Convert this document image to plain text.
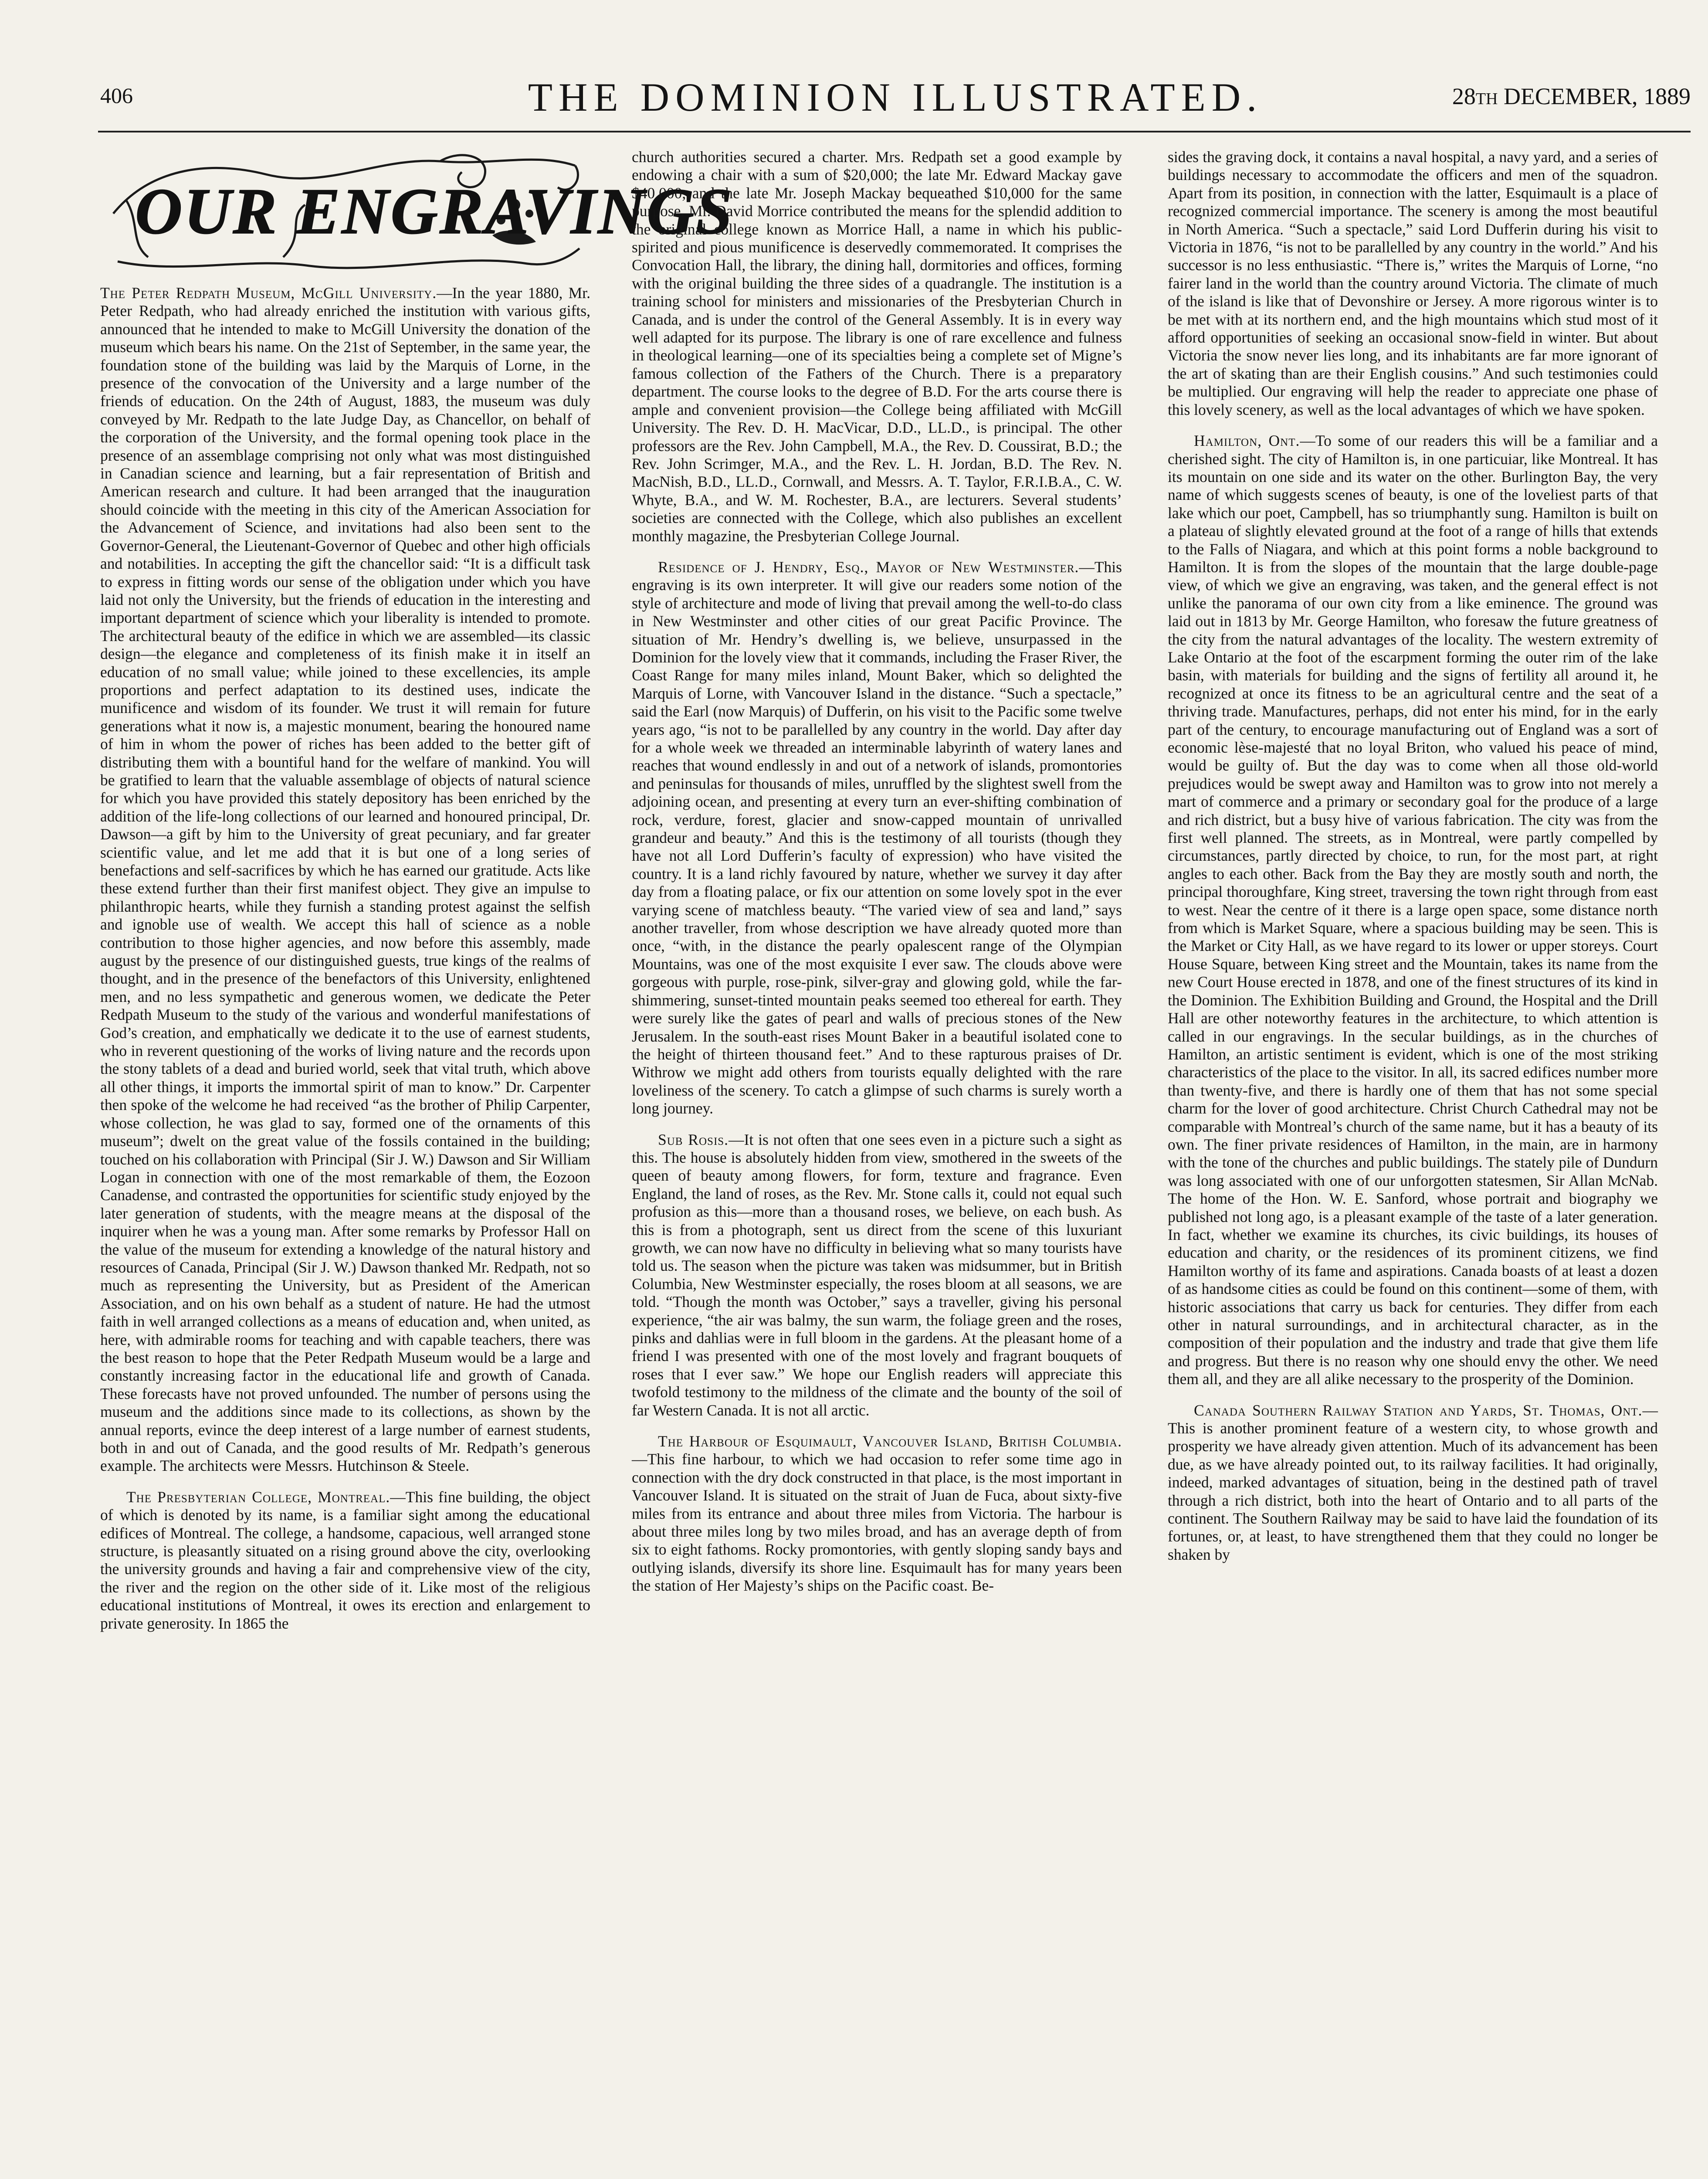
406	THE DOMINION ILLUSTRATED.	28th DECEMBER, 1889
OUR ENGRAVINGS

The Peter Redpath Museum, McGill University.—In the year 1880, Mr. Peter Redpath, who had already enriched the institution with various gifts, announced that he intended to make to McGill University the donation of the museum which bears his name. On the 21st of September, in the same year, the foundation stone of the building was laid by the Marquis of Lorne, in the presence of the convocation of the University and a large number of the friends of education. On the 24th of August, 1883, the museum was duly conveyed by Mr. Redpath to the late Judge Day, as Chancellor, on behalf of the corporation of the University, and the formal opening took place in the presence of an assemblage comprising not only what was most distinguished in Canadian science and learning, but a fair representation of British and American research and culture. It had been arranged that the inauguration should coincide with the meeting in this city of the American Association for the Advancement of Science, and invitations had also been sent to the Governor-General, the Lieutenant-Governor of Quebec and other high officials and notabilities. In accepting the gift the chancellor said: “It is a difficult task to express in fitting words our sense of the obligation under which you have laid not only the University, but the friends of education in the interesting and important department of science which your liberality is intended to promote. The architectural beauty of the edifice in which we are assembled—its classic design—the elegance and completeness of its finish make it in itself an education of no small value; while joined to these excellencies, its ample proportions and perfect adaptation to its destined uses, indicate the munificence and wisdom of its founder. We trust it will remain for future generations what it now is, a majestic monument, bearing the honoured name of him in whom the power of riches has been added to the better gift of distributing them with a bountiful hand for the welfare of mankind. You will be gratified to learn that the valuable assemblage of objects of natural science for which you have provided this stately depository has been enriched by the addition of the life-long collections of our learned and honoured principal, Dr. Dawson—a gift by him to the University of great pecuniary, and far greater scientific value, and let me add that it is but one of a long series of benefactions and self-sacrifices by which he has earned our gratitude. Acts like these extend further than their first manifest object. They give an impulse to philanthropic hearts, while they furnish a standing protest against the selfish and ignoble use of wealth. We accept this hall of science as a noble contribution to those higher agencies, and now before this assembly, made august by the presence of our distinguished guests, true kings of the realms of thought, and in the presence of the benefactors of this University, enlightened men, and no less sympathetic and generous women, we dedicate the Peter Redpath Museum to the study of the various and wonderful manifestations of God’s creation, and emphatically we dedicate it to the use of earnest students, who in reverent questioning of the works of living nature and the records upon the stony tablets of a dead and buried world, seek that vital truth, which above all other things, it imports the immortal spirit of man to know.” Dr. Carpenter then spoke of the welcome he had received “as the brother of Philip Carpenter, whose collection, he was glad to say, formed one of the ornaments of this museum”; dwelt on the great value of the fossils contained in the building; touched on his collaboration with Principal (Sir J. W.) Dawson and Sir William Logan in connection with one of the most remarkable of them, the Eozoon Canadense, and contrasted the opportunities for scientific study enjoyed by the later generation of students, with the meagre means at the disposal of the inquirer when he was a young man. After some remarks by Professor Hall on the value of the museum for extending a knowledge of the natural history and resources of Canada, Principal (Sir J. W.) Dawson thanked Mr. Redpath, not so much as representing the University, but as President of the American Association, and on his own behalf as a student of nature. He had the utmost faith in well arranged collections as a means of education and, when united, as here, with admirable rooms for teaching and with capable teachers, there was the best reason to hope that the Peter Redpath Museum would be a large and constantly increasing factor in the educational life and growth of Canada. These forecasts have not proved unfounded. The number of persons using the museum and the additions since made to its collections, as shown by the annual reports, evince the deep interest of a large number of earnest students, both in and out of Canada, and the good results of Mr. Redpath’s generous example. The architects were Messrs. Hutchinson & Steele.

The Presbyterian College, Montreal.—This fine building, the object of which is denoted by its name, is a familiar sight among the educational edifices of Montreal. The college, a handsome, capacious, well arranged stone structure, is pleasantly situated on a rising ground above the city, overlooking the university grounds and having a fair and comprehensive view of the city, the river and the region on the other side of it. Like most of the religious educational institutions of Montreal, it owes its erection and enlargement to private generosity. In 1865 the

church authorities secured a charter. Mrs. Redpath set a good example by endowing a chair with a sum of $20,000; the late Mr. Edward Mackay gave $40,000, and the late Mr. Joseph Mackay bequeathed $10,000 for the same purpose. Mr. David Morrice contributed the means for the splendid addition to the original college known as Morrice Hall, a name in which his public-spirited and pious munificence is deservedly commemorated. It comprises the Convocation Hall, the library, the dining hall, dormitories and offices, forming with the original building the three sides of a quadrangle. The institution is a training school for ministers and missionaries of the Presbyterian Church in Canada, and is under the control of the General Assembly. It is in every way well adapted for its purpose. The library is one of rare excellence and fulness in theological learning—one of its specialties being a complete set of Migne’s famous collection of the Fathers of the Church. There is a preparatory department. The course looks to the degree of B.D. For the arts course there is ample and convenient provision—the College being affiliated with McGill University. The Rev. D. H. MacVicar, D.D., LL.D., is principal. The other professors are the Rev. John Campbell, M.A., the Rev. D. Coussirat, B.D.; the Rev. John Scrimger, M.A., and the Rev. L. H. Jordan, B.D. The Rev. N. MacNish, B.D., LL.D., Cornwall, and Messrs. A. T. Taylor, F.R.I.B.A., C. W. Whyte, B.A., and W. M. Rochester, B.A., are lecturers. Several students’ societies are connected with the College, which also publishes an excellent monthly magazine, the Presbyterian College Journal.

Residence of J. Hendry, Esq., Mayor of New Westminster.—This engraving is its own interpreter. It will give our readers some notion of the style of architecture and mode of living that prevail among the well-to-do class in New Westminster and other cities of our great Pacific Province. The situation of Mr. Hendry’s dwelling is, we believe, unsurpassed in the Dominion for the lovely view that it commands, including the Fraser River, the Coast Range for many miles inland, Mount Baker, which so delighted the Marquis of Lorne, with Vancouver Island in the distance. “Such a spectacle,” said the Earl (now Marquis) of Dufferin, on his visit to the Pacific some twelve years ago, “is not to be parallelled by any country in the world. Day after day for a whole week we threaded an interminable labyrinth of watery lanes and reaches that wound endlessly in and out of a network of islands, promontories and peninsulas for thousands of miles, unruffled by the slightest swell from the adjoining ocean, and presenting at every turn an ever-shifting combination of rock, verdure, forest, glacier and snow-capped mountain of unrivalled grandeur and beauty.” And this is the testimony of all tourists (though they have not all Lord Dufferin’s faculty of expression) who have visited the country. It is a land richly favoured by nature, whether we survey it day after day from a floating palace, or fix our attention on some lovely spot in the ever varying scene of matchless beauty. “The varied view of sea and land,” says another traveller, from whose description we have already quoted more than once, “with, in the distance the pearly opalescent range of the Olympian Mountains, was one of the most exquisite I ever saw. The clouds above were gorgeous with purple, rose-pink, silver-gray and glowing gold, while the far-shimmering, sunset-tinted mountain peaks seemed too ethereal for earth. They were surely like the gates of pearl and walls of precious stones of the New Jerusalem. In the south-east rises Mount Baker in a beautiful isolated cone to the height of thirteen thousand feet.” And to these rapturous praises of Dr. Withrow we might add others from tourists equally delighted with the rare loveliness of the scenery. To catch a glimpse of such charms is surely worth a long journey.

Sub Rosis.—It is not often that one sees even in a picture such a sight as this. The house is absolutely hidden from view, smothered in the sweets of the queen of beauty among flowers, for form, texture and fragrance. Even England, the land of roses, as the Rev. Mr. Stone calls it, could not equal such profusion as this—more than a thousand roses, we believe, on each bush. As this is from a photograph, sent us direct from the scene of this luxuriant growth, we can now have no difficulty in believing what so many tourists have told us. The season when the picture was taken was midsummer, but in British Columbia, New Westminster especially, the roses bloom at all seasons, we are told. “Though the month was October,” says a traveller, giving his personal experience, “the air was balmy, the sun warm, the foliage green and the roses, pinks and dahlias were in full bloom in the gardens. At the pleasant home of a friend I was presented with one of the most lovely and fragrant bouquets of roses that I ever saw.” We hope our English readers will appreciate this twofold testimony to the mildness of the climate and the bounty of the soil of far Western Canada. It is not all arctic.

The Harbour of Esquimault, Vancouver Island, British Columbia.—This fine harbour, to which we had occasion to refer some time ago in connection with the dry dock constructed in that place, is the most important in Vancouver Island. It is situated on the strait of Juan de Fuca, about sixty-five miles from its entrance and about three miles from Victoria. The harbour is about three miles long by two miles broad, and has an average depth of from six to eight fathoms. Rocky promontories, with gently sloping sandy bays and outlying islands, diversify its shore line. Esquimault has for many years been the station of Her Majesty’s ships on the Pacific coast. Be-

sides the graving dock, it contains a naval hospital, a navy yard, and a series of buildings necessary to accommodate the officers and men of the squadron. Apart from its position, in connection with the latter, Esquimault is a place of recognized commercial importance. The scenery is among the most beautiful in North America. “Such a spectacle,” said Lord Dufferin during his visit to Victoria in 1876, “is not to be parallelled by any country in the world.” And his successor is no less enthusiastic. “There is,” writes the Marquis of Lorne, “no fairer land in the world than the country around Victoria. The climate of much of the island is like that of Devonshire or Jersey. A more rigorous winter is to be met with at its northern end, and the high mountains which stud most of it afford opportunities of seeking an occasional snow-field in winter. But about Victoria the snow never lies long, and its inhabitants are far more ignorant of the art of skating than are their English cousins.” And such testimonies could be multiplied. Our engraving will help the reader to appreciate one phase of this lovely scenery, as well as the local advantages of which we have spoken.

Hamilton, Ont.—To some of our readers this will be a familiar and a cherished sight. The city of Hamilton is, in one particuiar, like Montreal. It has its mountain on one side and its water on the other. Burlington Bay, the very name of which suggests scenes of beauty, is one of the loveliest parts of that lake which our poet, Campbell, has so triumphantly sung. Hamilton is built on a plateau of slightly elevated ground at the foot of a range of hills that extends to the Falls of Niagara, and which at this point forms a noble background to Hamilton. It is from the slopes of the mountain that the large double-page view, of which we give an engraving, was taken, and the general effect is not unlike the panorama of our own city from a like eminence. The ground was laid out in 1813 by Mr. George Hamilton, who foresaw the future greatness of the city from the natural advantages of the locality. The western extremity of Lake Ontario at the foot of the escarpment forming the outer rim of the lake basin, with materials for building and the signs of fertility all around it, he recognized at once its fitness to be an agricultural centre and the seat of a thriving trade. Manufactures, perhaps, did not enter his mind, for in the early part of the century, to encourage manufacturing out of England was a sort of economic lèse-majesté that no loyal Briton, who valued his peace of mind, would be guilty of. But the day was to come when all those old-world prejudices would be swept away and Hamilton was to grow into not merely a mart of commerce and a primary or secondary goal for the produce of a large and rich district, but a busy hive of various fabrication. The city was from the first well planned. The streets, as in Montreal, were partly compelled by circumstances, partly directed by choice, to run, for the most part, at right angles to each other. Back from the Bay they are mostly south and north, the principal thoroughfare, King street, traversing the town right through from east to west. Near the centre of it there is a large open space, some distance north from which is Market Square, where a spacious building may be seen. This is the Market or City Hall, as we have regard to its lower or upper storeys. Court House Square, between King street and the Mountain, takes its name from the new Court House erected in 1878, and one of the finest structures of its kind in the Dominion. The Exhibition Building and Ground, the Hospital and the Drill Hall are other noteworthy features in the architecture, to which attention is called in our engravings. In the secular buildings, as in the churches of Hamilton, an artistic sentiment is evident, which is one of the most striking characteristics of the place to the visitor. In all, its sacred edifices number more than twenty-five, and there is hardly one of them that has not some special charm for the lover of good architecture. Christ Church Cathedral may not be comparable with Montreal’s church of the same name, but it has a beauty of its own. The finer private residences of Hamilton, in the main, are in harmony with the tone of the churches and public buildings. The stately pile of Dundurn was long associated with one of our unforgotten statesmen, Sir Allan McNab. The home of the Hon. W. E. Sanford, whose portrait and biography we published not long ago, is a pleasant example of the taste of a later generation. In fact, whether we examine its churches, its civic buildings, its houses of education and charity, or the residences of its prominent citizens, we find Hamilton worthy of its fame and aspirations. Canada boasts of at least a dozen of as handsome cities as could be found on this continent—some of them, with historic associations that carry us back for centuries. They differ from each other in natural surroundings, and in architectural character, as in the composition of their population and the industry and trade that give them life and progress. But there is no reason why one should envy the other. We need them all, and they are all alike necessary to the prosperity of the Dominion.

Canada Southern Railway Station and Yards, St. Thomas, Ont.—This is another prominent feature of a western city, to whose growth and prosperity we have already given attention. Much of its advancement has been due, as we have already pointed out, to its railway facilities. It had originally, indeed, marked advantages of situation, being in the destined path of travel through a rich district, both into the heart of Ontario and to all parts of the continent. The Southern Railway may be said to have laid the foundation of its fortunes, or, at least, to have strengthened them that they could no longer be shaken by
